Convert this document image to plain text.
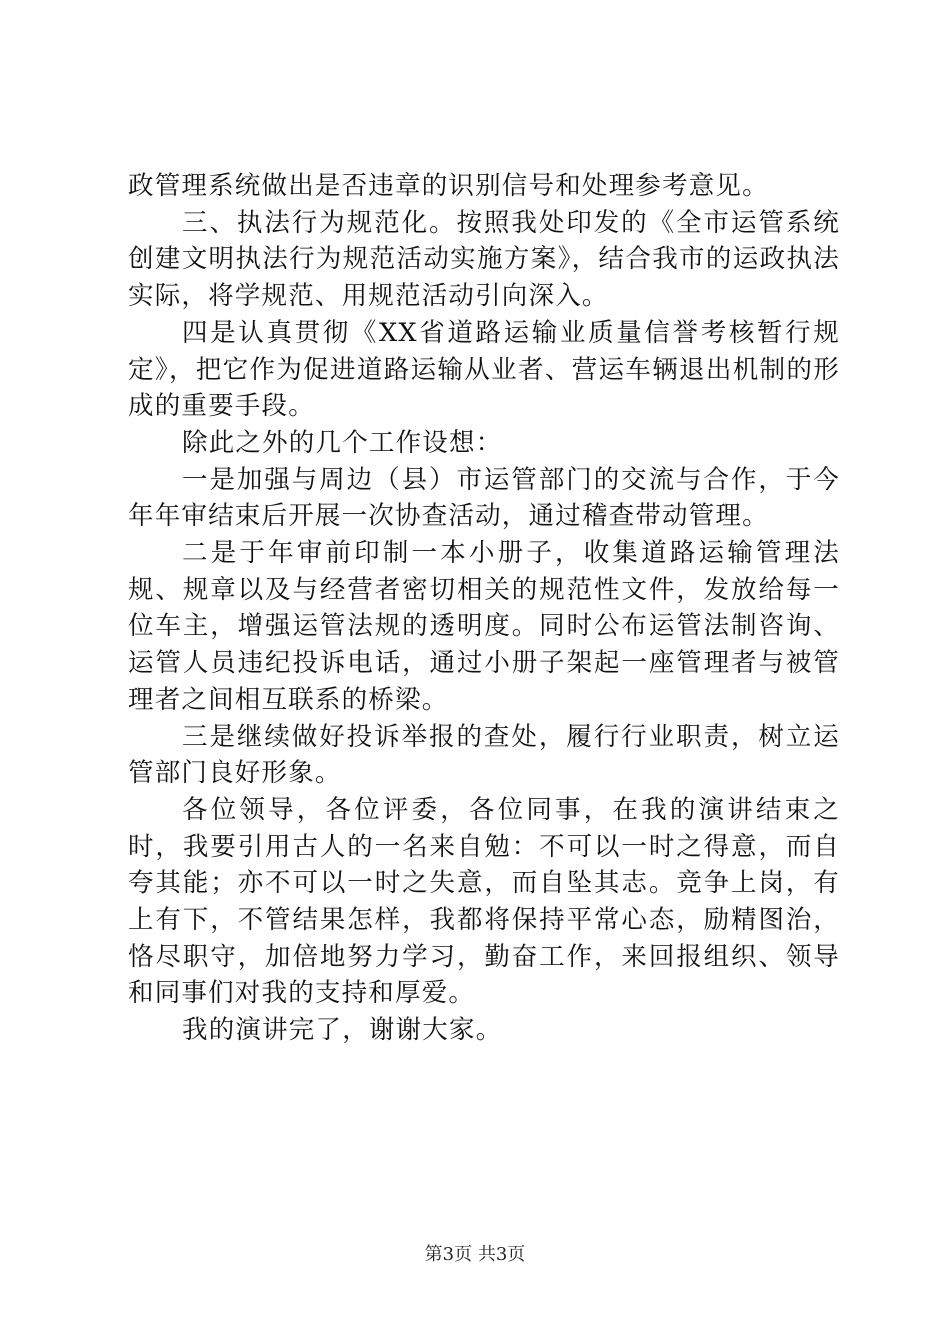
政管理系统做出是否违章的识别信号和处理参考意见。

三、执法行为规范化。按照我处印发的《全市运管系统创建文明执法行为规范活动实施方案》，结合我市的运政执法实际，将学规范、用规范活动引向深入。

四是认真贯彻《XX省道路运输业质量信誉考核暂行规定》，把它作为促进道路运输从业者、营运车辆退出机制的形成的重要手段。

除此之外的几个工作设想：

一是加强与周边（县）市运管部门的交流与合作，于今年年审结束后开展一次协查活动，通过稽查带动管理。

二是于年审前印制一本小册子，收集道路运输管理法规、规章以及与经营者密切相关的规范性文件，发放给每一位车主，增强运管法规的透明度。同时公布运管法制咨询、运管人员违纪投诉电话，通过小册子架起一座管理者与被管理者之间相互联系的桥梁。

三是继续做好投诉举报的查处，履行行业职责，树立运管部门良好形象。

各位领导，各位评委，各位同事，在我的演讲结束之时，我要引用古人的一名来自勉：不可以一时之得意，而自夸其能；亦不可以一时之失意，而自坠其志。竞争上岗，有上有下，不管结果怎样，我都将保持平常心态，励精图治，恪尽职守，加倍地努力学习，勤奋工作，来回报组织、领导和同事们对我的支持和厚爱。

我的演讲完了，谢谢大家。

第3页 共3页
